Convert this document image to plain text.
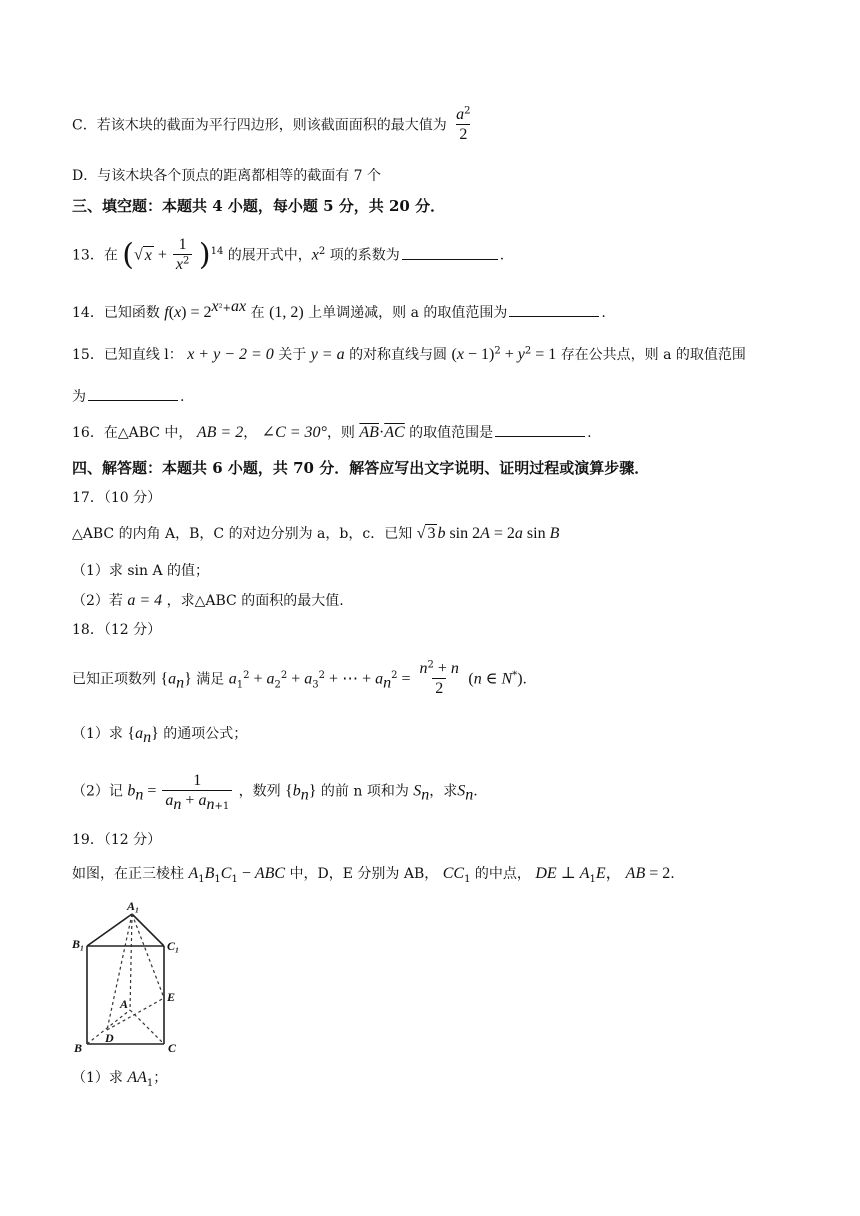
C．若该木块的截面为平行四边形，则该截面面积的最大值为 $\frac{a^2}{2}$
D．与该木块各个顶点的距离都相等的截面有 7 个
三、填空题：本题共 4 小题，每小题 5 分，共 20 分．
13．在 (√ $x + \frac{1}{x^2} )^{14}$ 的展开式中，$x^2$ 项的系数为	.
14．已知函数 $f(x) = 2^{x^2+ax}$ 在 (1, 2) 上单调递减，则 a 的取值范围为	.
15．已知直线 l： x + y − 2 = 0 关于 y = a 的对称直线与圆 $(x - 1)^2 + y^2 = 1$ 存在公共点，则 a 的取值范围
为	.
16．在△ABC 中， AB = 2， ∠C = 30°，则 $\overline{AB}\cdot\overline{AC}$ 的取值范围是	.
四、解答题：本题共 6 小题，共 70 分．解答应写出文字说明、证明过程或演算步骤．
17．（10 分）
△ABC 的内角 A，B，C 的对边分别为 a，b，c．已知 √ 3 b sin 2A = 2a sin B
（1）求 sin A 的值；
（2）若 a = 4 ，求△ABC 的面积的最大值.
18．（12 分）
已知正项数列 $\{a_n\}$ 满足 $a_1^2 + a_2^2 + a_3^2$ + ⋯ + $a_n^2 = \frac{n^2 + n}{2} (n$ ∈ N*).
（1）求 $\{a_n\}$ 的通项公式；
（2）记 $b_n = \frac{1}{a_n + a_{n+1}}$ ，数列 $\{b_n\}$ 的前 n 项和为 $S_n$，求$S_n$.
19．（12 分）
如图，在正三棱柱 $A_1B_1C_1$ − ABC 中，D，E 分别为 AB， $CC_1$ 的中点， DE ⊥ $A_1E$， AB = 2.
A₁
B₁	C₁
A
B	C
D
E
（1）求 $AA_1$；
